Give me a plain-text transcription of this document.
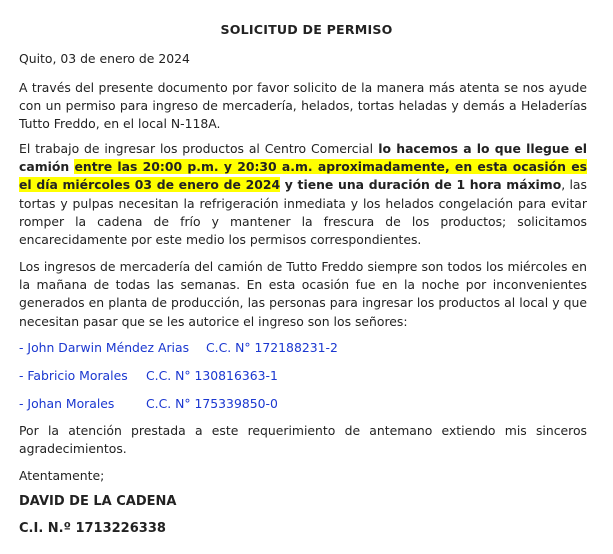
SOLICITUD DE PERMISO
Quito, 03 de enero de 2024
A través del presente documento por favor solicito de la manera más atenta se nos ayude con un permiso para ingreso de mercadería, helados, tortas heladas y demás a Heladerías Tutto Freddo, en el local N-118A.
El trabajo de ingresar los productos al Centro Comercial lo hacemos a lo que llegue el camión entre las 20:00 p.m. y 20:30 a.m. aproximadamente, en esta ocasión es el día miércoles 03 de enero de 2024 y tiene una duración de 1 hora máximo, las tortas y pulpas necesitan la refrigeración inmediata y los helados congelación para evitar romper la cadena de frío y mantener la frescura de los productos; solicitamos encarecidamente por este medio los permisos correspondientes.
Los ingresos de mercadería del camión de Tutto Freddo siempre son todos los miércoles en la mañana de todas las semanas. En esta ocasión fue en la noche por inconvenientes generados en planta de producción, las personas para ingresar los productos al local y que necesitan pasar que se les autorice el ingreso son los señores:
- John Darwin Méndez Arias C.C. N° 172188231-2
- Fabricio Morales C.C. N° 130816363-1
- Johan Morales	C.C. N° 175339850-0
Por la atención prestada a este requerimiento de antemano extiendo mis sinceros agradecimientos.
Atentamente;
DAVID DE LA CADENA
C.I. N.º 1713226338
